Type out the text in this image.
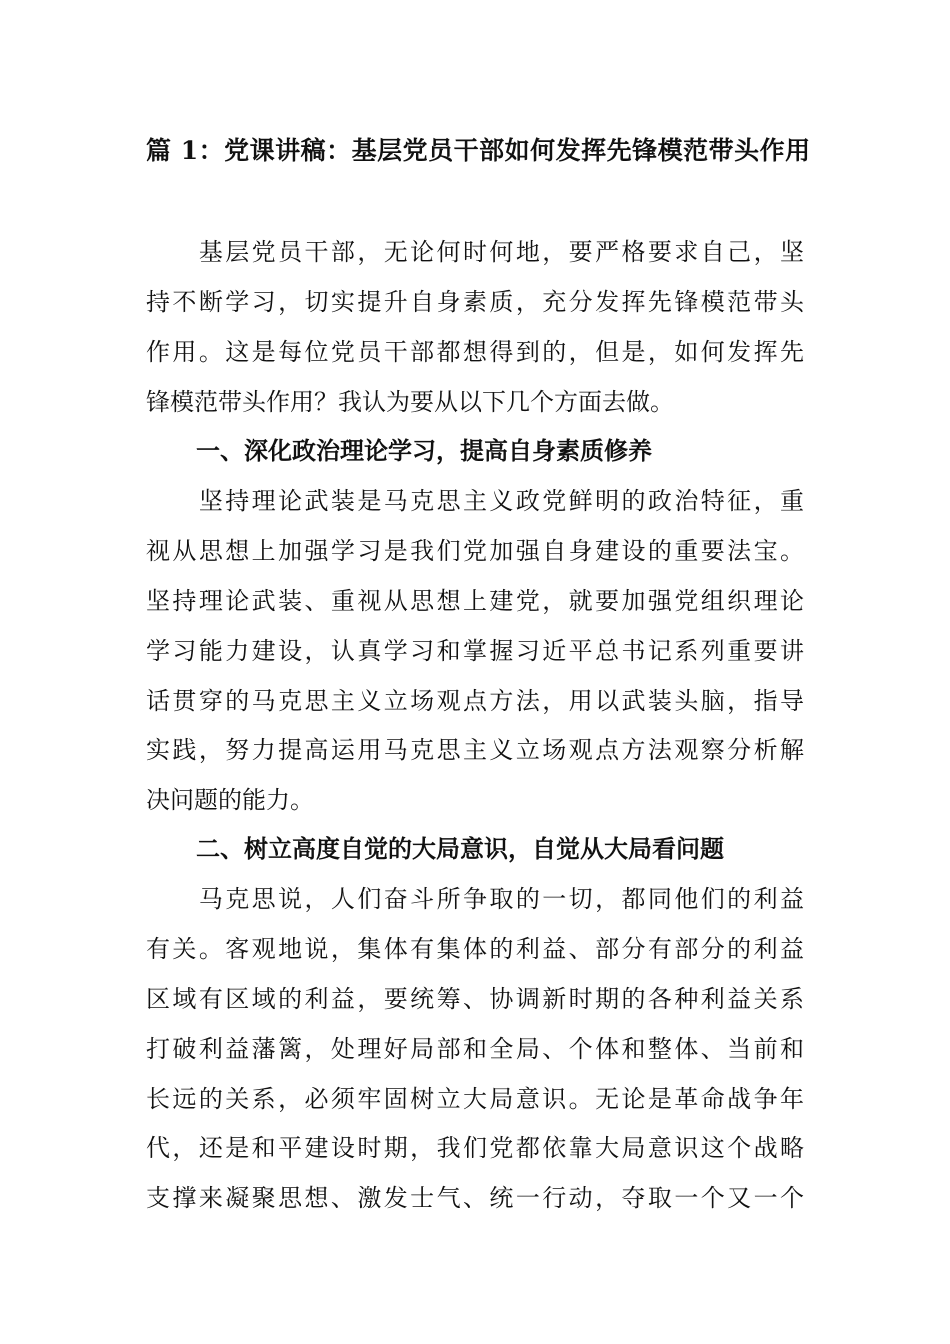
篇 1：党课讲稿：基层党员干部如何发挥先锋模范带头作用
　　基层党员干部，无论何时何地，要严格要求自己，坚
持不断学习，切实提升自身素质，充分发挥先锋模范带头
作用。这是每位党员干部都想得到的，但是，如何发挥先
锋模范带头作用？我认为要从以下几个方面去做。
一、深化政治理论学习，提高自身素质修养
　　坚持理论武装是马克思主义政党鲜明的政治特征，重
视从思想上加强学习是我们党加强自身建设的重要法宝。
坚持理论武装、重视从思想上建党，就要加强党组织理论
学习能力建设，认真学习和掌握习近平总书记系列重要讲
话贯穿的马克思主义立场观点方法，用以武装头脑，指导
实践，努力提高运用马克思主义立场观点方法观察分析解
决问题的能力。
二、树立高度自觉的大局意识，自觉从大局看问题
　　马克思说，人们奋斗所争取的一切，都同他们的利益
有关。客观地说，集体有集体的利益、部分有部分的利益
区域有区域的利益，要统筹、协调新时期的各种利益关系
打破利益藩篱，处理好局部和全局、个体和整体、当前和
长远的关系，必须牢固树立大局意识。无论是革命战争年
代，还是和平建设时期，我们党都依靠大局意识这个战略
支撑来凝聚思想、激发士气、统一行动，夺取一个又一个
